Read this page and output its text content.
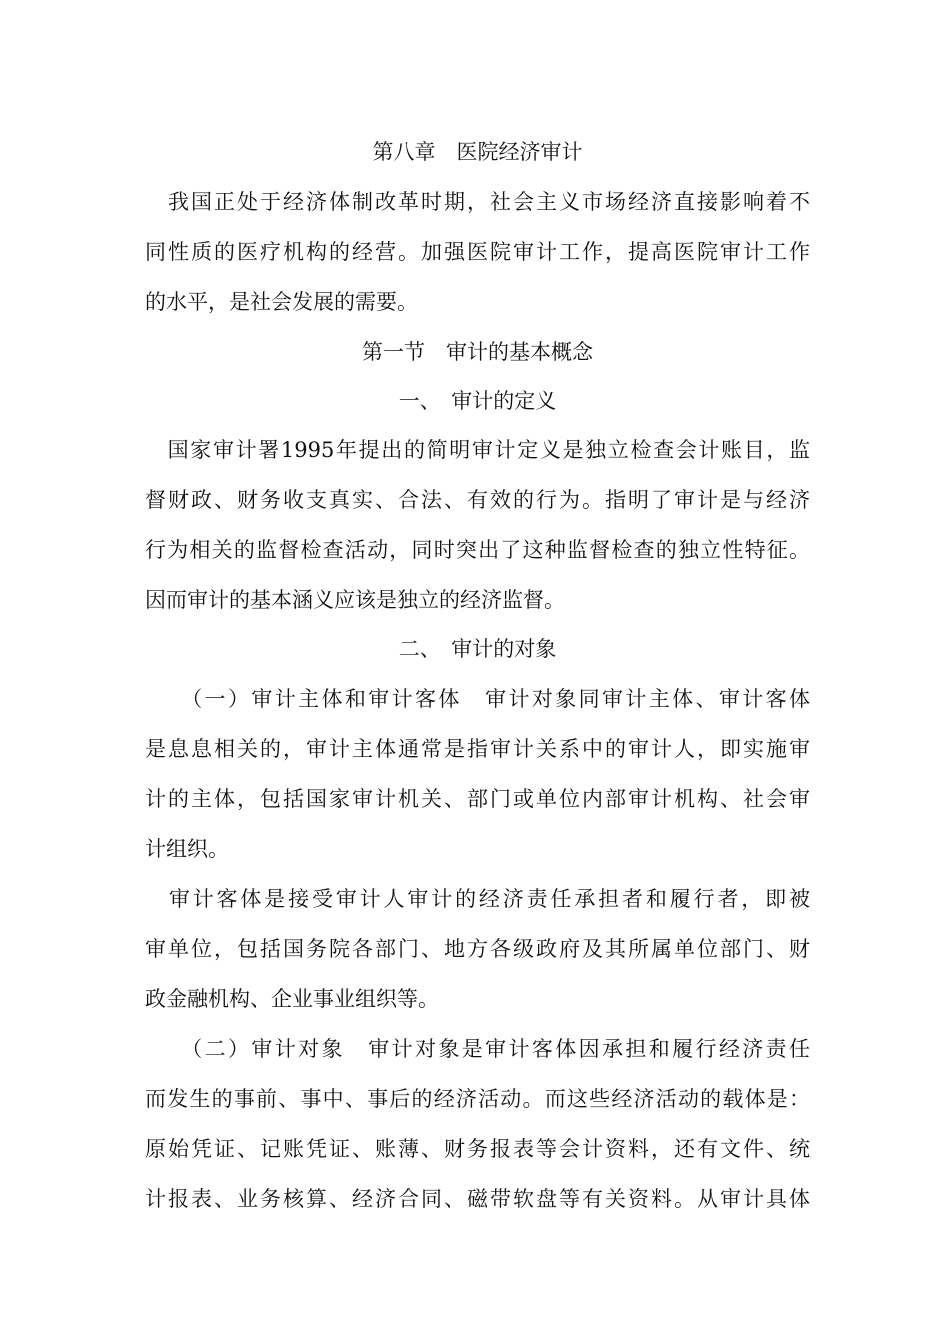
第八章　医院经济审计
　我国正处于经济体制改革时期，社会主义市场经济直接影响着不
同性质的医疗机构的经营。加强医院审计工作，提高医院审计工作
的水平，是社会发展的需要。
第一节　审计的基本概念
一、　审计的定义
　国家审计署1995年提出的简明审计定义是独立检查会计账目，监
督财政、财务收支真实、合法、有效的行为。指明了审计是与经济
行为相关的监督检查活动，同时突出了这种监督检查的独立性特征。
因而审计的基本涵义应该是独立的经济监督。
二、　审计的对象
　　（一）审计主体和审计客体　审计对象同审计主体、审计客体
是息息相关的，审计主体通常是指审计关系中的审计人，即实施审
计的主体，包括国家审计机关、部门或单位内部审计机构、社会审
计组织。
　审计客体是接受审计人审计的经济责任承担者和履行者，即被
审单位，包括国务院各部门、地方各级政府及其所属单位部门、财
政金融机构、企业事业组织等。
　　（二）审计对象　审计对象是审计客体因承担和履行经济责任
而发生的事前、事中、事后的经济活动。而这些经济活动的载体是：
原始凭证、记账凭证、账薄、财务报表等会计资料，还有文件、统
计报表、业务核算、经济合同、磁带软盘等有关资料。从审计具体
